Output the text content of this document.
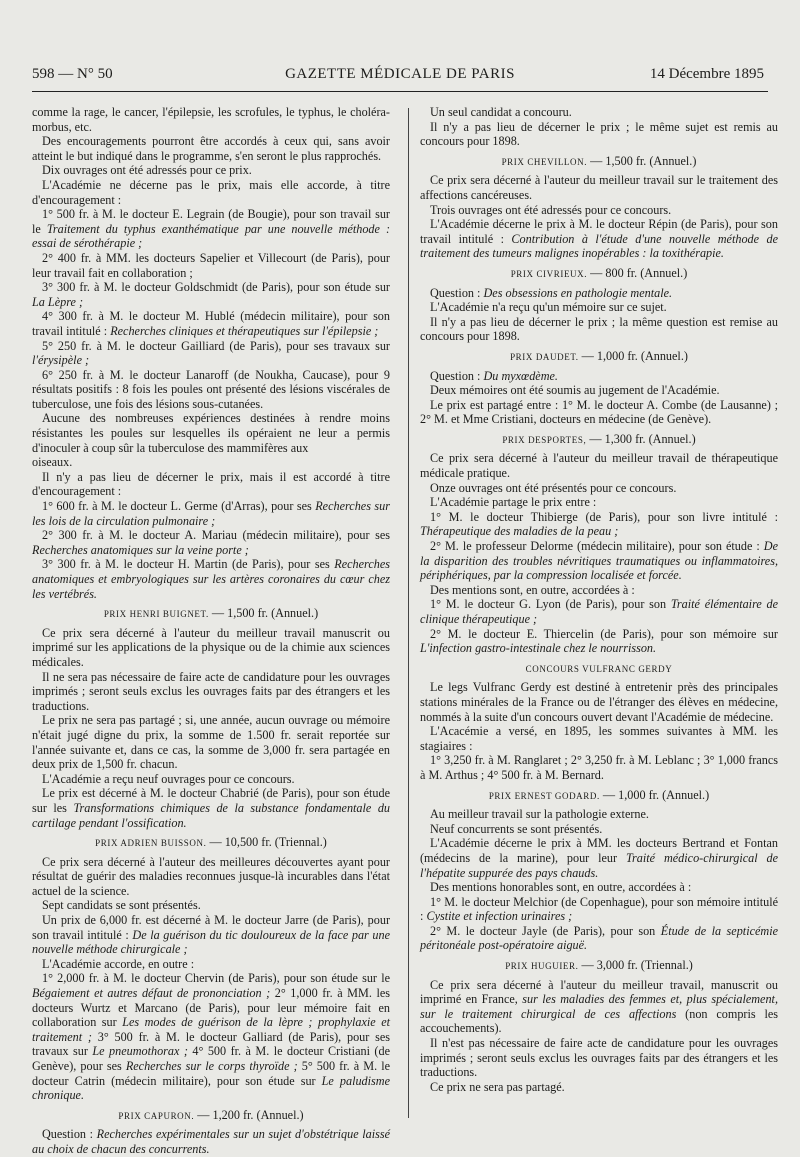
598 — N° 50	GAZETTE MÉDICALE DE PARIS	14 Décembre 1895

comme la rage, le cancer, l'épilepsie, les scrofules, le typhus, le choléra-morbus, etc.

Des encouragements pourront être accordés à ceux qui, sans avoir atteint le but indiqué dans le programme, s'en seront le plus rapprochés.

Dix ouvrages ont été adressés pour ce prix.

L'Académie ne décerne pas le prix, mais elle accorde, à titre d'encouragement :

1° 500 fr. à M. le docteur E. Legrain (de Bougie), pour son travail sur le Traitement du typhus exanthématique par une nouvelle méthode : essai de sérothérapie ;

2° 400 fr. à MM. les docteurs Sapelier et Villecourt (de Paris), pour leur travail fait en collaboration ;

3° 300 fr. à M. le docteur Goldschmidt (de Paris), pour son étude sur La Lèpre ;

4° 300 fr. à M. le docteur M. Hublé (médecin militaire), pour son travail intitulé : Recherches cliniques et thérapeutiques sur l'épilepsie ;

5° 250 fr. à M. le docteur Gailliard (de Paris), pour ses travaux sur l'érysipèle ;

6° 250 fr. à M. le docteur Lanaroff (de Noukha, Caucase), pour 9 résultats positifs : 8 fois les poules ont présenté des lésions viscérales de tuberculose, une fois des lésions sous-cutanées.

Aucune des nombreuses expériences destinées à rendre moins résistantes les poules sur lesquelles ils opéraient ne leur a permis d'inoculer à coup sûr la tuberculose des mammifères aux

oiseaux.

Il n'y a pas lieu de décerner le prix, mais il est accordé à titre d'encouragement :

1° 600 fr. à M. le docteur L. Germe (d'Arras), pour ses Recherches sur les lois de la circulation pulmonaire ;

2° 300 fr. à M. le docteur A. Mariau (médecin militaire), pour ses Recherches anatomiques sur la veine porte ;

3° 300 fr. à M. le docteur H. Martin (de Paris), pour ses Recherches anatomiques et embryologiques sur les artères coronaires du cœur chez les vertébrés.

PRIX HENRI BUIGNET. — 1,500 fr. (Annuel.)

Ce prix sera décerné à l'auteur du meilleur travail manuscrit ou imprimé sur les applications de la physique ou de la chimie aux sciences médicales.

Il ne sera pas nécessaire de faire acte de candidature pour les ouvrages imprimés ; seront seuls exclus les ouvrages faits par des étrangers et les traductions.

Le prix ne sera pas partagé ; si, une année, aucun ouvrage ou mémoire n'était jugé digne du prix, la somme de 1.500 fr. serait reportée sur l'année suivante et, dans ce cas, la somme de 3,000 fr. sera partagée en deux prix de 1,500 fr. chacun.

L'Académie a reçu neuf ouvrages pour ce concours.

Le prix est décerné à M. le docteur Chabrié (de Paris), pour son étude sur les Transformations chimiques de la substance fondamentale du cartilage pendant l'ossification.

PRIX ADRIEN BUISSON. — 10,500 fr. (Triennal.)

Ce prix sera décerné à l'auteur des meilleures découvertes ayant pour résultat de guérir des maladies reconnues jusque-là incurables dans l'état actuel de la science.

Sept candidats se sont présentés.

Un prix de 6,000 fr. est décerné à M. le docteur Jarre (de Paris), pour son travail intitulé : De la guérison du tic douloureux de la face par une nouvelle méthode chirurgicale ;

L'Académie accorde, en outre :

1° 2,000 fr. à M. le docteur Chervin (de Paris), pour son étude sur le Bégaiement et autres défaut de prononciation ; 2° 1,000 fr. à MM. les docteurs Wurtz et Marcano (de Paris), pour leur mémoire fait en collaboration sur Les modes de guérison de la lèpre ; prophylaxie et traitement ; 3° 500 fr. à M. le docteur Galliard (de Paris), pour ses travaux sur Le pneumothorax ; 4° 500 fr. à M. le docteur Cristiani (de Genève), pour ses Recherches sur le corps thyroïde ; 5° 500 fr. à M. le docteur Catrin (médecin militaire), pour son étude sur Le paludisme chronique.

PRIX CAPURON. — 1,200 fr. (Annuel.)

Question : Recherches expérimentales sur un sujet d'obstétrique laissé au choix de chacun des concurrents.

Un seul candidat a concouru.

Il n'y a pas lieu de décerner le prix ; le même sujet est remis au concours pour 1898.

PRIX CHEVILLON. — 1,500 fr. (Annuel.)

Ce prix sera décerné à l'auteur du meilleur travail sur le traitement des affections cancéreuses.

Trois ouvrages ont été adressés pour ce concours.

L'Académie décerne le prix à M. le docteur Répin (de Paris), pour son travail intitulé : Contribution à l'étude d'une nouvelle méthode de traitement des tumeurs malignes inopérables : la toxithérapie.

PRIX CIVRIEUX. — 800 fr. (Annuel.)

Question : Des obsessions en pathologie mentale.

L'Académie n'a reçu qu'un mémoire sur ce sujet.

Il n'y a pas lieu de décerner le prix ; la même question est remise au concours pour 1898.

PRIX DAUDET. — 1,000 fr. (Annuel.)

Question : Du myxœdème.

Deux mémoires ont été soumis au jugement de l'Académie.

Le prix est partagé entre : 1° M. le docteur A. Combe (de Lausanne) ; 2° M. et Mme Cristiani, docteurs en médecine (de Genève).

PRIX DESPORTES, — 1,300 fr. (Annuel.)

Ce prix sera décerné à l'auteur du meilleur travail de thérapeutique médicale pratique.

Onze ouvrages ont été présentés pour ce concours.

L'Académie partage le prix entre :

1° M. le docteur Thibierge (de Paris), pour son livre intitulé : Thérapeutique des maladies de la peau ;

2° M. le professeur Delorme (médecin militaire), pour son étude : De la disparition des troubles névritiques traumatiques ou inflammatoires, périphériques, par la compression localisée et forcée.

Des mentions sont, en outre, accordées à :

1° M. le docteur G. Lyon (de Paris), pour son Traité élémentaire de clinique thérapeutique ;

2° M. le docteur E. Thiercelin (de Paris), pour son mémoire sur L'infection gastro-intestinale chez le nourrisson.

CONCOURS VULFRANC GERDY

Le legs Vulfranc Gerdy est destiné à entretenir près des principales stations minérales de la France ou de l'étranger des élèves en médecine, nommés à la suite d'un concours ouvert devant l'Académie de médecine.

L'Acacémie a versé, en 1895, les sommes suivantes à MM. les stagiaires :

1° 3,250 fr. à M. Ranglaret ; 2° 3,250 fr. à M. Leblanc ; 3° 1,000 francs à M. Arthus ; 4° 500 fr. à M. Bernard.

PRIX ERNEST GODARD. — 1,000 fr. (Annuel.)

Au meilleur travail sur la pathologie externe.

Neuf concurrents se sont présentés.

L'Académie décerne le prix à MM. les docteurs Bertrand et Fontan (médecins de la marine), pour leur Traité médico-chirurgical de l'hépatite suppurée des pays chauds.

Des mentions honorables sont, en outre, accordées à :

1° M. le docteur Melchior (de Copenhague), pour son mémoire intitulé : Cystite et infection urinaires ;

2° M. le docteur Jayle (de Paris), pour son Étude de la septicémie péritonéale post-opératoire aiguë.

PRIX HUGUIER. — 3,000 fr. (Triennal.)

Ce prix sera décerné à l'auteur du meilleur travail, manuscrit ou imprimé en France, sur les maladies des femmes et, plus spécialement, sur le traitement chirurgical de ces affections (non compris les accouchements).

Il n'est pas nécessaire de faire acte de candidature pour les ouvrages imprimés ; seront seuls exclus les ouvrages faits par des étrangers et les traductions.

Ce prix ne sera pas partagé.
